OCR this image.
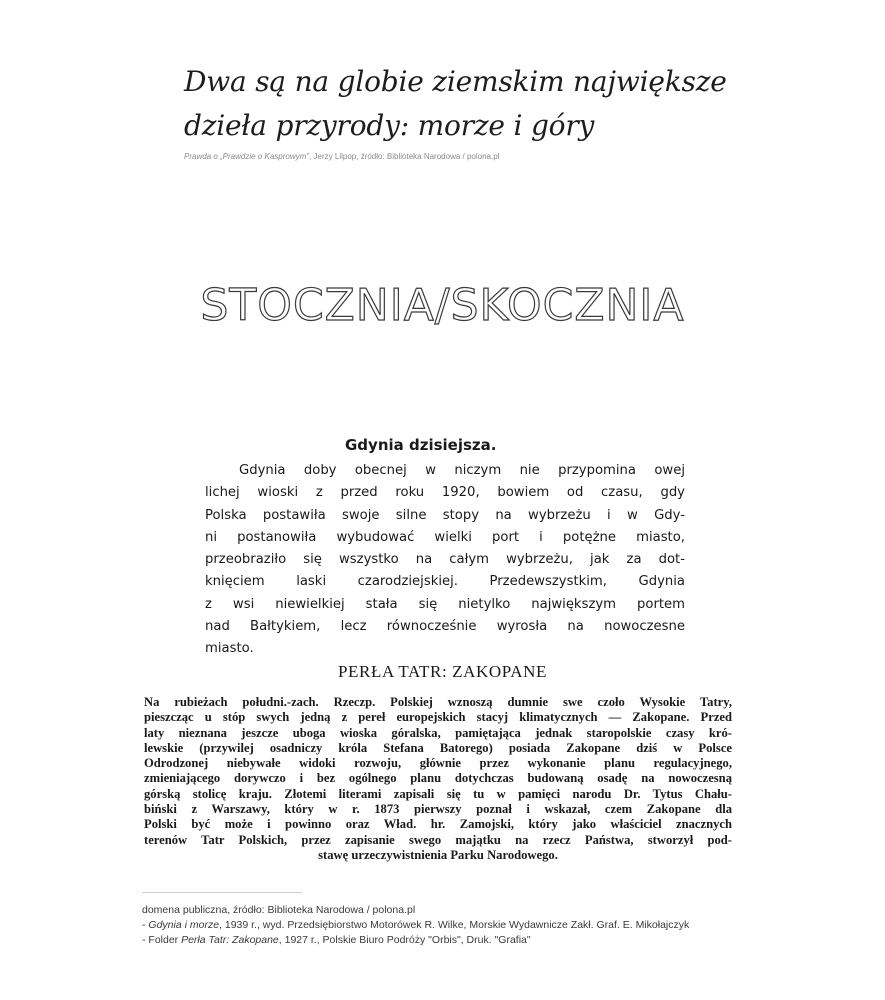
Dwa są na globie ziemskim największe
dzieła przyrody: morze i góry

Prawda o „Prawdzie o Kasprowym", Jerzy Lilpop, źródło: Biblioteka Narodowa / polona.pl

STOCZNIA/SKOCZNIA
Gdynia dzisiejsza.
Gdynia doby obecnej w niczym nie przypomina owej
lichej wioski z przed roku 1920, bowiem od czasu, gdy
Polska postawiła swoje silne stopy na wybrzeżu i w Gdy-
ni postanowiła wybudować wielki port i potężne miasto,
przeobraziło się wszystko na całym wybrzeżu, jak za dot-
knięciem laski czarodziejskiej. Przedewszystkim, Gdynia
z wsi niewielkiej stała się nietylko największym portem
nad Bałtykiem, lecz równocześnie wyrosła na nowoczesne
miasto.
PERŁA TATR: ZAKOPANE
Na rubieżach południ.-zach. Rzeczp. Polskiej wznoszą dumnie swe czoło Wysokie Tatry,
pieszcząc u stóp swych jedną z pereł europejskich stacyj klimatycznych — Zakopane. Przed
laty nieznana jeszcze uboga wioska góralska, pamiętająca jednak staropolskie czasy kró-
lewskie (przywilej osadniczy króla Stefana Batorego) posiada Zakopane dziś w Polsce
Odrodzonej niebywałe widoki rozwoju, głównie przez wykonanie planu regulacyjnego,
zmieniającego dorywczo i bez ogólnego planu dotychczas budowaną osadę na nowoczesną
górską stolicę kraju. Złotemi literami zapisali się tu w pamięci narodu Dr. Tytus Chału-
biński z Warszawy, który w r. 1873 pierwszy poznał i wskazał, czem Zakopane dla
Polski być może i powinno oraz Wład. hr. Zamojski, który jako właściciel znacznych
terenów Tatr Polskich, przez zapisanie swego majątku na rzecz Państwa, stworzył pod-
stawę urzeczywistnienia Parku Narodowego.
domena publiczna, źródło: Biblioteka Narodowa / polona.pl
- Gdynia i morze, 1939 r., wyd. Przedsiębiorstwo Motorówek R. Wilke, Morskie Wydawnicze Zakł. Graf. E. Mikołajczyk
- Folder Perła Tatr: Zakopane, 1927 r., Polskie Biuro Podróży "Orbis", Druk. "Grafia"
